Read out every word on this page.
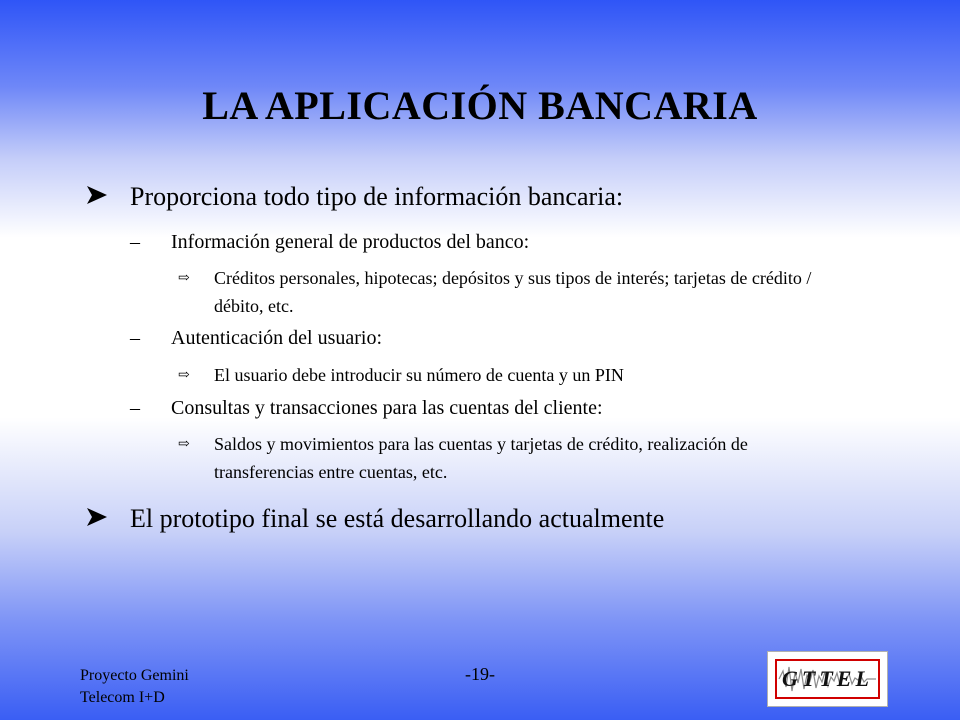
LA APLICACIÓN BANCARIA
Proporciona todo tipo de información bancaria:
– Información general de productos del banco:
⇨ Créditos personales, hipotecas; depósitos y sus tipos de interés; tarjetas de crédito / débito, etc.
– Autenticación del usuario:
⇨ El usuario debe introducir su número de cuenta y un PIN
– Consultas y transacciones para las cuentas del cliente:
⇨ Saldos y movimientos para las cuentas y tarjetas de crédito, realización de transferencias entre cuentas, etc.
El prototipo final se está desarrollando actualmente
Proyecto Gemini
Telecom I+D
-19-	GTTEL
